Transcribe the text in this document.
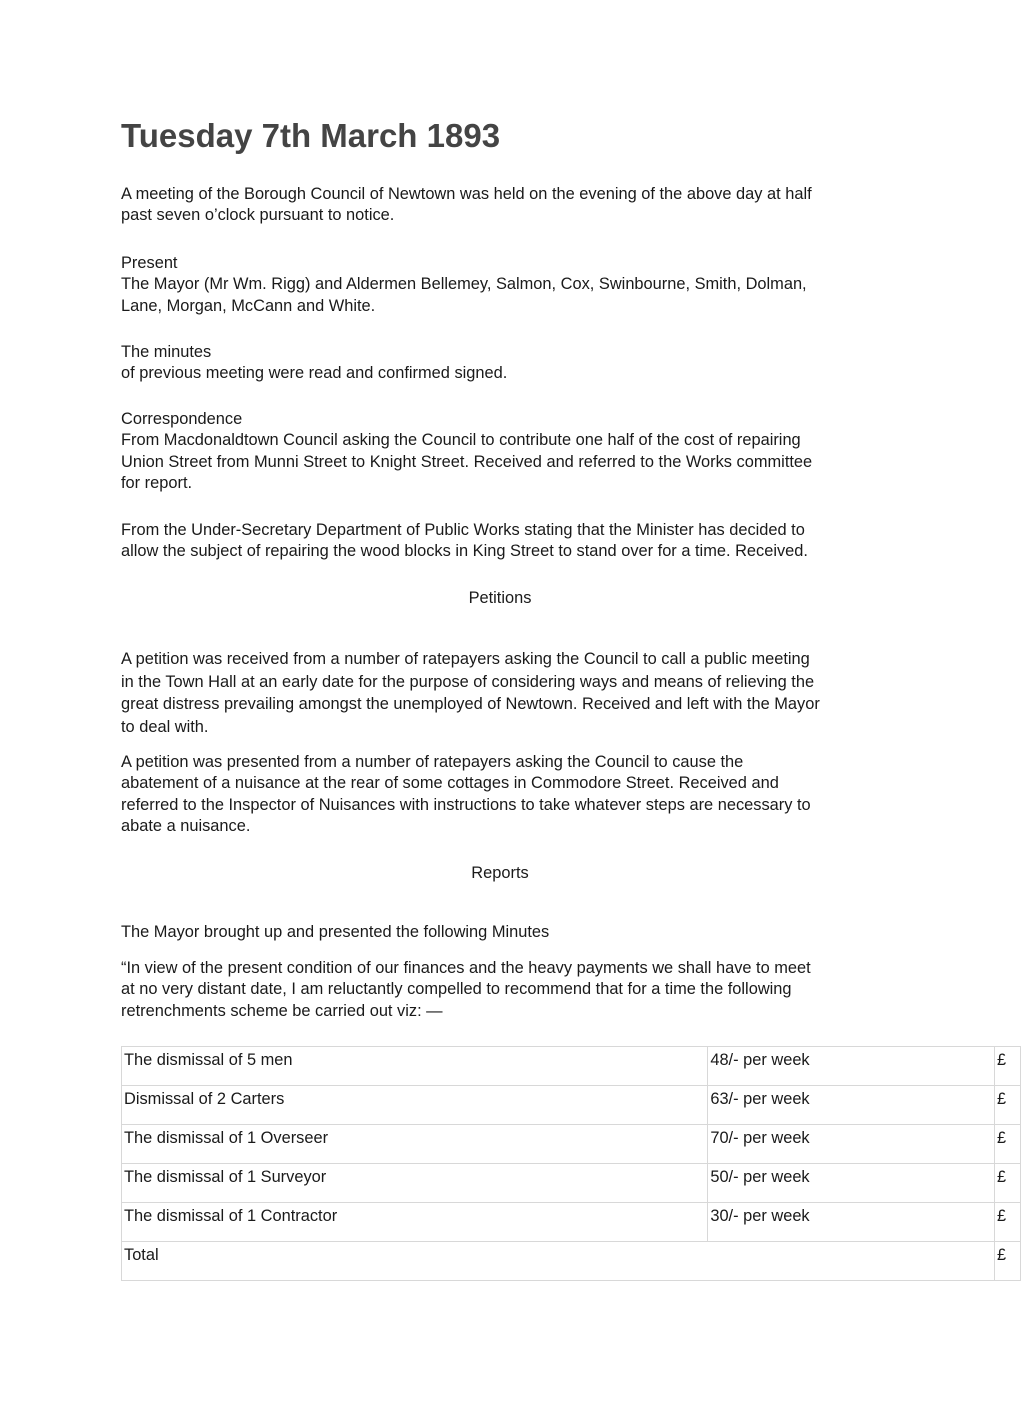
Tuesday 7th March 1893
A meeting of the Borough Council of Newtown was held on the evening of the above day at half
past seven o’clock pursuant to notice.
Present
The Mayor (Mr Wm. Rigg) and Aldermen Bellemey, Salmon, Cox, Swinbourne, Smith, Dolman,
Lane, Morgan, McCann and White.
The minutes
of previous meeting were read and confirmed signed.
Correspondence
From Macdonaldtown Council asking the Council to contribute one half of the cost of repairing
Union Street from Munni Street to Knight Street. Received and referred to the Works committee
for report.
From the Under-Secretary Department of Public Works stating that the Minister has decided to
allow the subject of repairing the wood blocks in King Street to stand over for a time. Received.
Petitions
A petition was received from a number of ratepayers asking the Council to call a public meeting
in the Town Hall at an early date for the purpose of considering ways and means of relieving the
great distress prevailing amongst the unemployed of Newtown. Received and left with the Mayor
to deal with.
A petition was presented from a number of ratepayers asking the Council to cause the
abatement of a nuisance at the rear of some cottages in Commodore Street. Received and
referred to the Inspector of Nuisances with instructions to take whatever steps are necessary to
abate a nuisance.
Reports
The Mayor brought up and presented the following Minutes
“In view of the present condition of our finances and the heavy payments we shall have to meet
at no very distant date, I am reluctantly compelled to recommend that for a time the following
retrenchments scheme be carried out viz: —
The dismissal of 5 men	48/- per week	£
Dismissal of 2 Carters	63/- per week	£
The dismissal of 1 Overseer	70/- per week	£
The dismissal of 1 Surveyor	50/- per week	£
The dismissal of 1 Contractor	30/- per week	£
Total		£
